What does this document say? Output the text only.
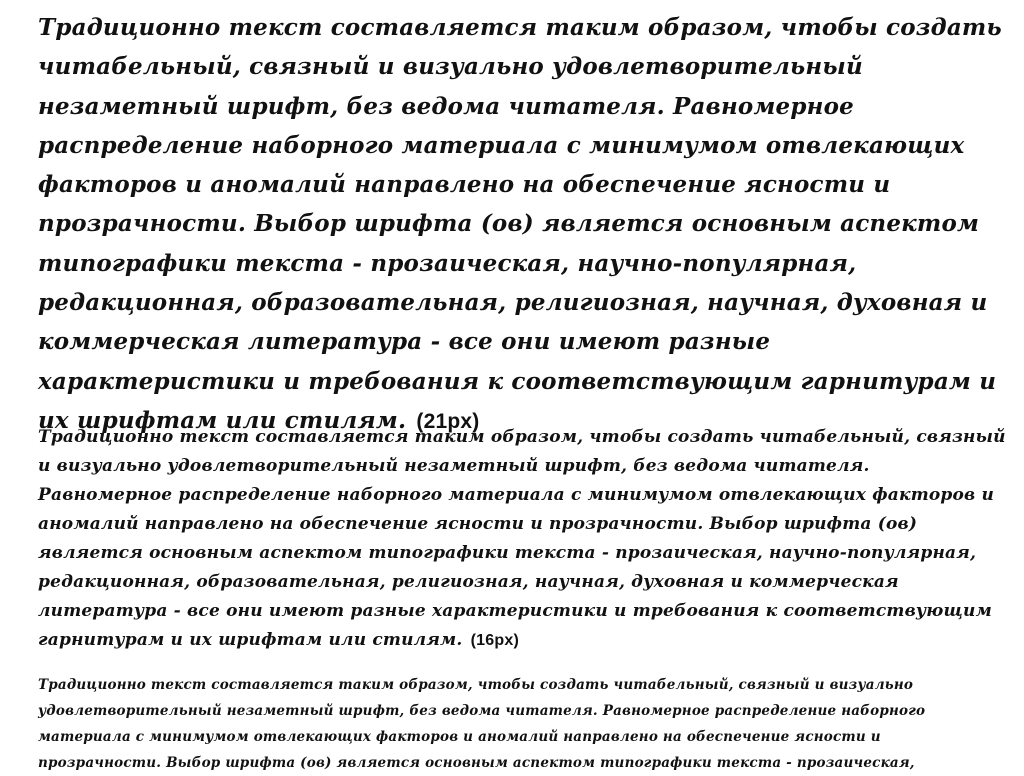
Традиционно текст составляется таким образом, чтобы создать читабельный, связный и визуально удовлетворительный незаметный шрифт, без ведома читателя. Равномерное распределение наборного материала с минимумом отвлекающих факторов и аномалий направлено на обеспечение ясности и прозрачности. Выбор шрифта (ов) является основным аспектом типографики текста - прозаическая, научно-популярная, редакционная, образовательная, религиозная, научная, духовная и коммерческая литература - все они имеют разные характеристики и требования к соответствующим гарнитурам и их шрифтам или стилям. (21px)

Традиционно текст составляется таким образом, чтобы создать читабельный, связный и визуально удовлетворительный незаметный шрифт, без ведома читателя. Равномерное распределение наборного материала с минимумом отвлекающих факторов и аномалий направлено на обеспечение ясности и прозрачности. Выбор шрифта (ов) является основным аспектом типографики текста - прозаическая, научно-популярная, редакционная, образовательная, религиозная, научная, духовная и коммерческая литература - все они имеют разные характеристики и требования к соответствующим гарнитурам и их шрифтам или стилям. (16px)

Традиционно текст составляется таким образом, чтобы создать читабельный, связный и визуально удовлетворительный незаметный шрифт, без ведома читателя. Равномерное распределение наборного материала с минимумом отвлекающих факторов и аномалий направлено на обеспечение ясности и прозрачности. Выбор шрифта (ов) является основным аспектом типографики текста - прозаическая,
